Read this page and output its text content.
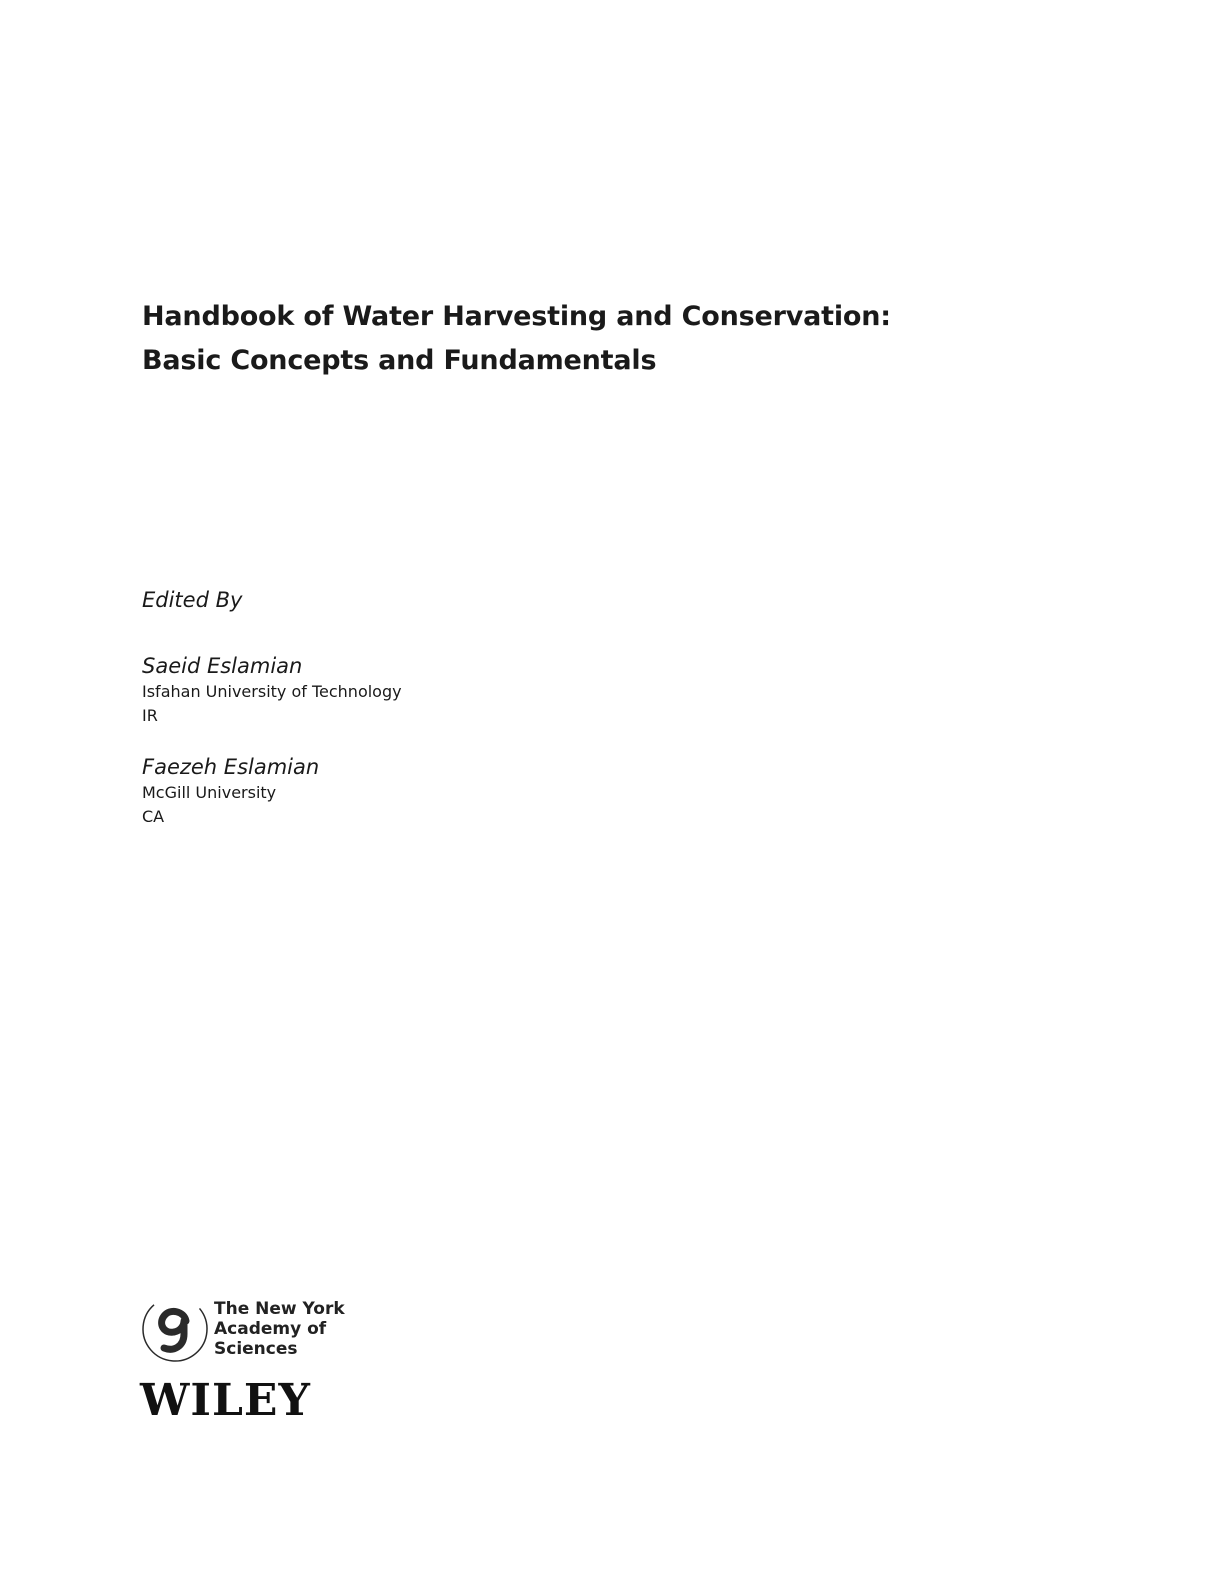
Handbook of Water Harvesting and Conservation:
Basic Concepts and Fundamentals
Edited By
Saeid Eslamian
Isfahan University of Technology
IR
Faezeh Eslamian
McGill University
CA
The New York
Academy of Sciences
WILEY
